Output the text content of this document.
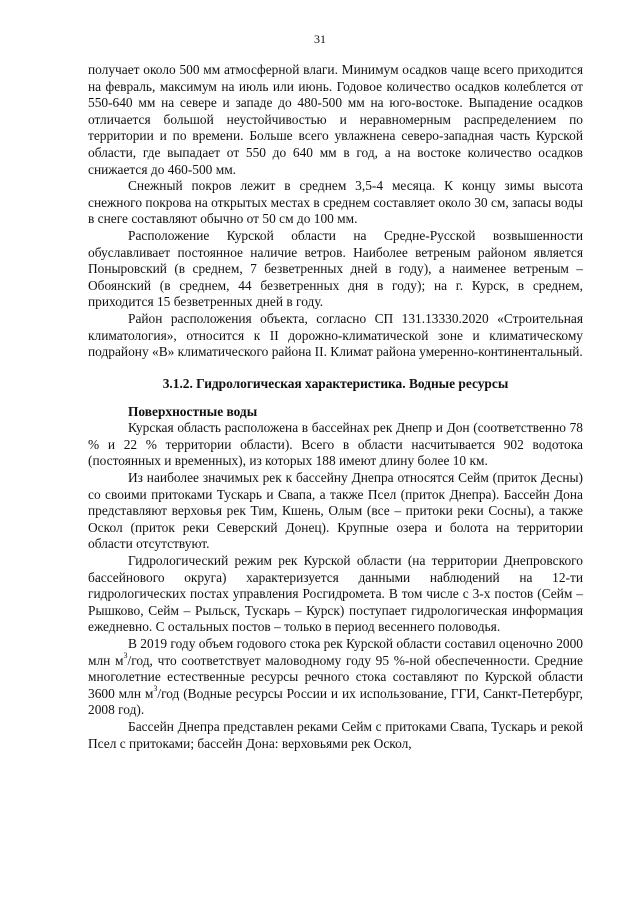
31

получает около 500 мм атмосферной влаги. Минимум осадков чаще всего приходится на февраль, максимум на июль или июнь. Годовое количество осадков колеблется от 550-640 мм на севере и западе до 480-500 мм на юго-востоке. Выпадение осадков отличается большой неустойчивостью и неравномерным распределением по территории и по времени. Больше всего увлажнена северо-западная часть Курской области, где выпадает от 550 до 640 мм в год, а на востоке количество осадков снижается до 460-500 мм.

Снежный покров лежит в среднем 3,5-4 месяца. К концу зимы высота снежного покрова на открытых местах в среднем составляет около 30 см, запасы воды в снеге составляют обычно от 50 см до 100 мм.

Расположение Курской области на Средне-Русской возвышенности обуславливает постоянное наличие ветров. Наиболее ветреным районом является Поныровский (в среднем, 7 безветренных дней в году), а наименее ветреным – Обоянский (в среднем, 44 безветренных дня в году); на г. Курск, в среднем, приходится 15 безветренных дней в году.

Район расположения объекта, согласно СП 131.13330.2020 «Строительная климатология», относится к II дорожно-климатической зоне и климатическому подрайону «В» климатического района II. Климат района умеренно-континентальный.

3.1.2. Гидрологическая характеристика. Водные ресурсы
Поверхностные воды

Курская область расположена в бассейнах рек Днепр и Дон (соответственно 78 % и 22 % территории области). Всего в области насчитывается 902 водотока (постоянных и временных), из которых 188 имеют длину более 10 км.

Из наиболее значимых рек к бассейну Днепра относятся Сейм (приток Десны) со своими притоками Тускарь и Свапа, а также Псел (приток Днепра). Бассейн Дона представляют верховья рек Тим, Кшень, Олым (все – притоки реки Сосны), а также Оскол (приток реки Северский Донец). Крупные озера и болота на территории области отсутствуют.

Гидрологический режим рек Курской области (на территории Днепровского бассейнового округа) характеризуется данными наблюдений на 12-ти гидрологических постах управления Росгидромета. В том числе с 3-х постов (Сейм – Рышково, Сейм – Рыльск, Тускарь – Курск) поступает гидрологическая информация ежедневно. С остальных постов – только в период весеннего половодья.

В 2019 году объем годового стока рек Курской области составил оценочно 2000 млн $м^3$/год, что соответствует маловодному году 95 %-ной обеспеченности. Средние многолетние естественные ресурсы речного стока составляют по Курской области 3600 млн $м^3$/год (Водные ресурсы России и их использование, ГГИ, Санкт-Петербург, 2008 год).

Бассейн Днепра представлен реками Сейм с притоками Свапа, Тускарь и рекой Псел с притоками; бассейн Дона: верховьями рек Оскол,
